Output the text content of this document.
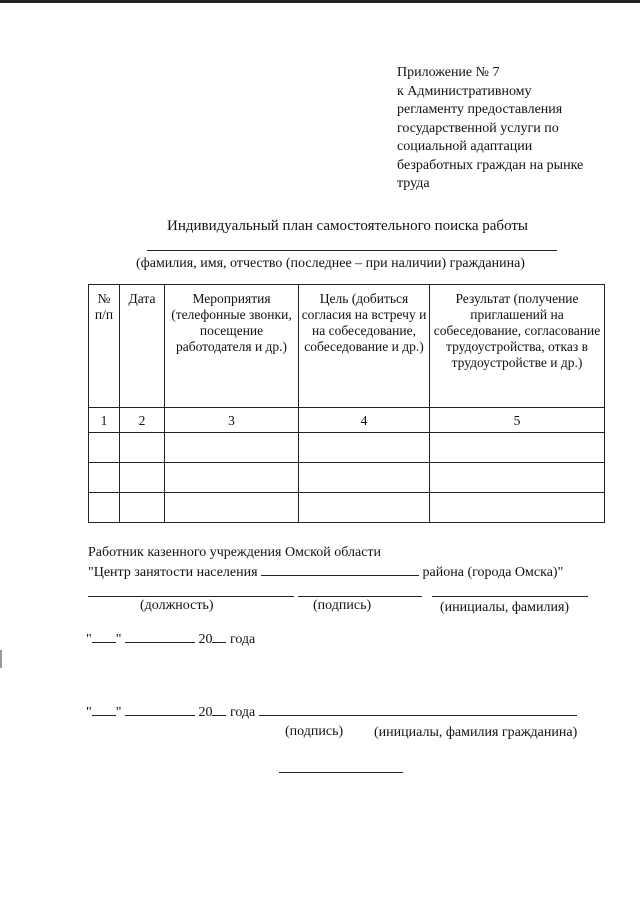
Приложение № 7
к Административному
регламенту предоставления
государственной услуги по
социальной адаптации
безработных граждан на рынке
труда
Индивидуальный план самостоятельного поиска работы
(фамилия, имя, отчество (последнее – при наличии) гражданина)
№ п/п	Дата	Мероприятия (телефонные звонки, посещение работодателя и др.)	Цель (добиться согласия на встречу и на собеседование, собеседование и др.)	Результат (получение приглашений на собеседование, согласование трудоустройства, отказ в трудоустройстве и др.)
1	2	3	4	5

Работник казенного учреждения Омской области
"Центр занятости населения	района (города Омска)"
(должность)	(подпись)	(инициалы, фамилия)
" "	20 года
" "	20 года
(подпись) (инициалы, фамилия гражданина)
